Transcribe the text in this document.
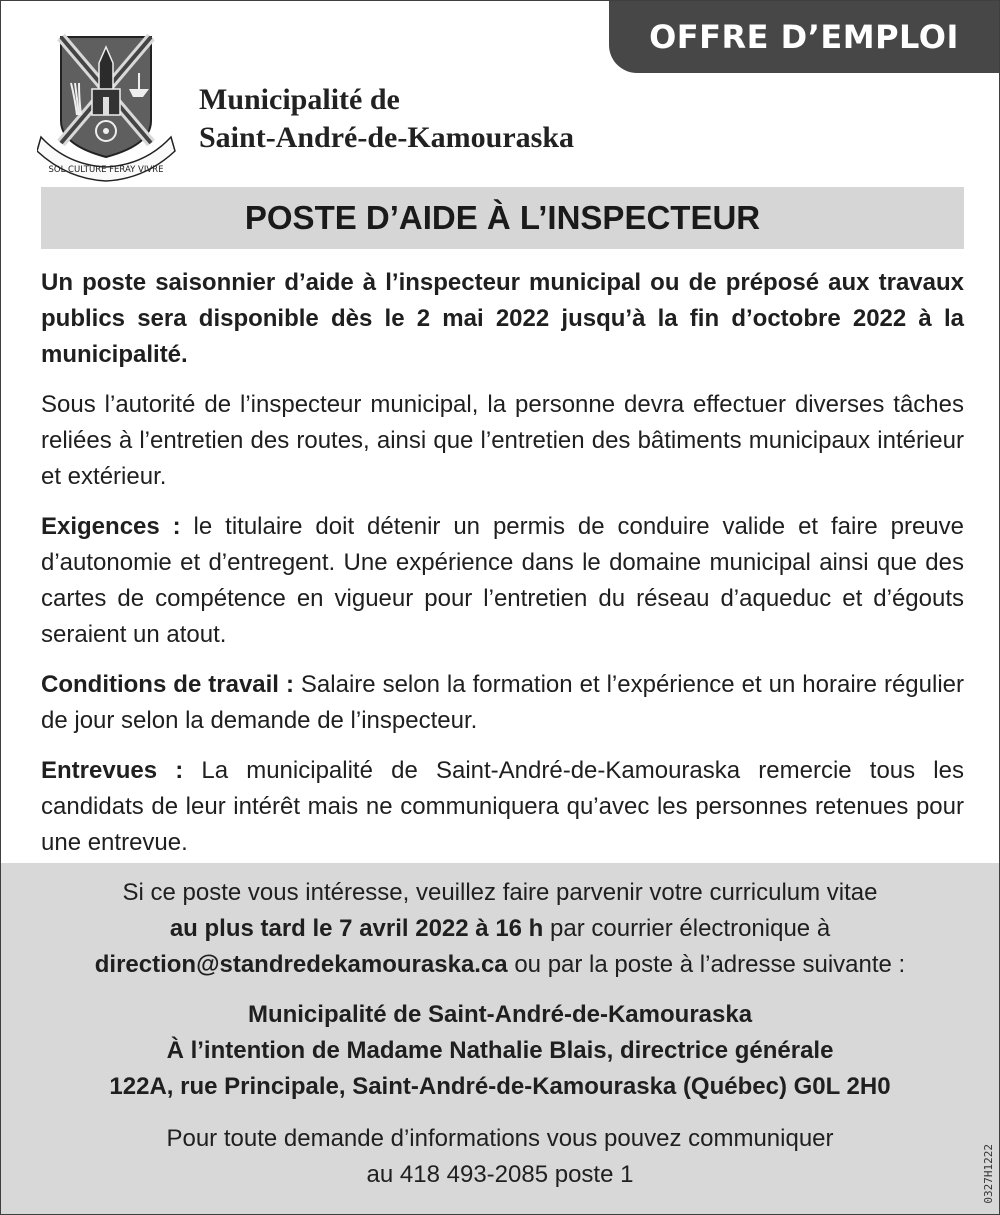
OFFRE D’EMPLOI
SOL CULTURE FERAY VIVRE
Municipalité de
Saint-André-de-Kamouraska
POSTE D’AIDE À L’INSPECTEUR

Un poste saisonnier d’aide à l’inspecteur municipal ou de préposé aux travaux publics sera disponible dès le 2 mai 2022 jusqu’à la fin d’octobre 2022 à la municipalité.

Sous l’autorité de l’inspecteur municipal, la personne devra effectuer diverses tâches reliées à l’entretien des routes, ainsi que l’entretien des bâtiments municipaux intérieur et extérieur.

Exigences : le titulaire doit détenir un permis de conduire valide et faire preuve d’autonomie et d’entregent. Une expérience dans le domaine municipal ainsi que des cartes de compétence en vigueur pour l’entretien du réseau d’aqueduc et d’égouts seraient un atout.

Conditions de travail : Salaire selon la formation et l’expérience et un horaire régulier de jour selon la demande de l’inspecteur.

Entrevues : La municipalité de Saint-André-de-Kamouraska remercie tous les candidats de leur intérêt mais ne communiquera qu’avec les personnes retenues pour une entrevue.

Si ce poste vous intéresse, veuillez faire parvenir votre curriculum vitae
au plus tard le 7 avril 2022 à 16 h par courrier électronique à
direction@standredekamouraska.ca ou par la poste à l’adresse suivante :
Municipalité de Saint-André-de-Kamouraska
À l’intention de Madame Nathalie Blais, directrice générale
122A, rue Principale, Saint-André-de-Kamouraska (Québec) G0L 2H0
Pour toute demande d’informations vous pouvez communiquer
au 418 493-2085 poste 1	0327H1222
